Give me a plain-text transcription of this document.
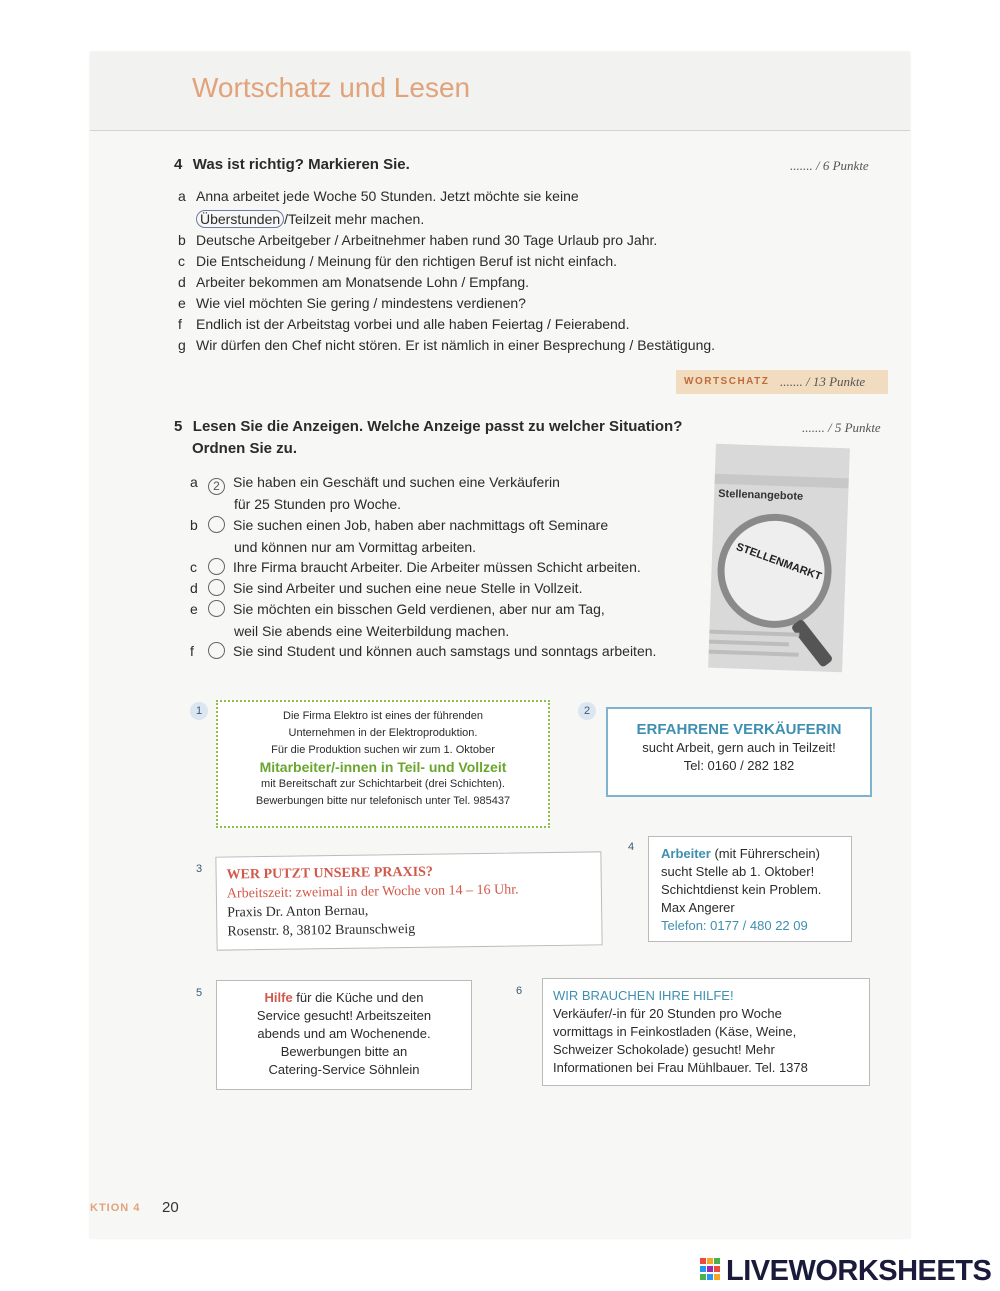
Wortschatz und Lesen
4 Was ist richtig? Markieren Sie.	....... / 6 Punkte
a Anna arbeitet jede Woche 50 Stunden. Jetzt möchte sie keine
Überstunden /Teilzeit mehr machen.
b Deutsche Arbeitgeber / Arbeitnehmer haben rund 30 Tage Urlaub pro Jahr.
c Die Entscheidung / Meinung für den richtigen Beruf ist nicht einfach.
d Arbeiter bekommen am Monatsende Lohn / Empfang.
e Wie viel möchten Sie gering / mindestens verdienen?
f Endlich ist der Arbeitstag vorbei und alle haben Feiertag / Feierabend.
g Wir dürfen den Chef nicht stören. Er ist nämlich in einer Besprechung / Bestätigung.
WORTSCHATZ ....... / 13 Punkte
5 Lesen Sie die Anzeigen. Welche Anzeige passt zu welcher Situation?
Ordnen Sie zu.
....... / 5 Punkte
a 2 Sie haben ein Geschäft und suchen eine Verkäuferin
für 25 Stunden pro Woche.
b	Sie suchen einen Job, haben aber nachmittags oft Seminare
und können nur am Vormittag arbeiten.
c	Ihre Firma braucht Arbeiter. Die Arbeiter müssen Schicht arbeiten.
d	Sie sind Arbeiter und suchen eine neue Stelle in Vollzeit.
e	Sie möchten ein bisschen Geld verdienen, aber nur am Tag,
weil Sie abends eine Weiterbildung machen.
f	Sie sind Student und können auch samstags und sonntags arbeiten.
Stellenangebote
STELLENMARKT
1	Die Firma Elektro ist eines der führenden
Unternehmen in der Elektroproduktion.
Für die Produktion suchen wir zum 1. Oktober
Mitarbeiter/-innen in Teil- und Vollzeit
mit Bereitschaft zur Schichtarbeit (drei Schichten).
Bewerbungen bitte nur telefonisch unter Tel. 985437
2
ERFAHRENE VERKÄUFERIN
sucht Arbeit, gern auch in Teilzeit!
Tel: 0160 / 282 182
3	WER PUTZT UNSERE PRAXIS?
Arbeitszeit: zweimal in der Woche von 14 – 16 Uhr.
Praxis Dr. Anton Bernau,
Rosenstr. 8, 38102 Braunschweig
4	Arbeiter (mit Führerschein)
sucht Stelle ab 1. Oktober!
Schichtdienst kein Problem.
Max Angerer
Telefon: 0177 / 480 22 09
5	Hilfe für die Küche und den
Service gesucht! Arbeitszeiten
abends und am Wochenende.
Bewerbungen bitte an
Catering-Service Söhnlein
6	WIR BRAUCHEN IHRE HILFE!
Verkäufer/-in für 20 Stunden pro Woche
vormittags in Feinkostladen (Käse, Weine,
Schweizer Schokolade) gesucht! Mehr
Informationen bei Frau Mühlbauer. Tel. 1378
KTION 4 20
LIVEWORKSHEETS
